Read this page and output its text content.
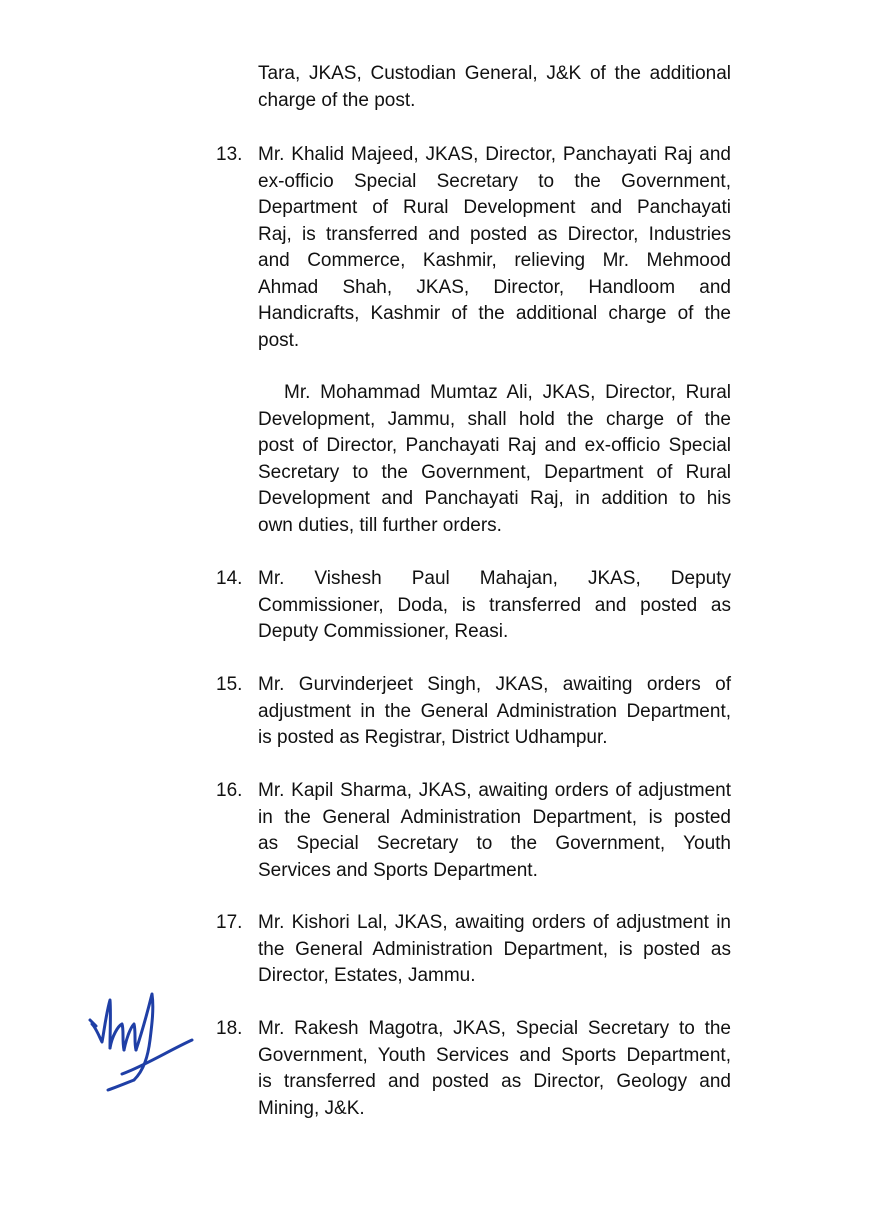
Tara, JKAS, Custodian General, J&K of the additional
charge of the post.
13. Mr. Khalid Majeed, JKAS, Director, Panchayati Raj and
ex-officio Special Secretary to the Government,
Department of Rural Development and Panchayati
Raj, is transferred and posted as Director, Industries
and Commerce, Kashmir, relieving Mr. Mehmood
Ahmad Shah, JKAS, Director, Handloom and
Handicrafts, Kashmir of the additional charge of the
post.
Mr. Mohammad Mumtaz Ali, JKAS, Director, Rural
Development, Jammu, shall hold the charge of the
post of Director, Panchayati Raj and ex-officio Special
Secretary to the Government, Department of Rural
Development and Panchayati Raj, in addition to his
own duties, till further orders.
14. Mr. Vishesh Paul Mahajan, JKAS, Deputy
Commissioner, Doda, is transferred and posted as
Deputy Commissioner, Reasi.
15. Mr. Gurvinderjeet Singh, JKAS, awaiting orders of
adjustment in the General Administration Department,
is posted as Registrar, District Udhampur.
16. Mr. Kapil Sharma, JKAS, awaiting orders of adjustment
in the General Administration Department, is posted
as Special Secretary to the Government, Youth
Services and Sports Department.
17. Mr. Kishori Lal, JKAS, awaiting orders of adjustment in
the General Administration Department, is posted as
Director, Estates, Jammu.
18. Mr. Rakesh Magotra, JKAS, Special Secretary to the
Government, Youth Services and Sports Department,
is transferred and posted as Director, Geology and
Mining, J&K.
